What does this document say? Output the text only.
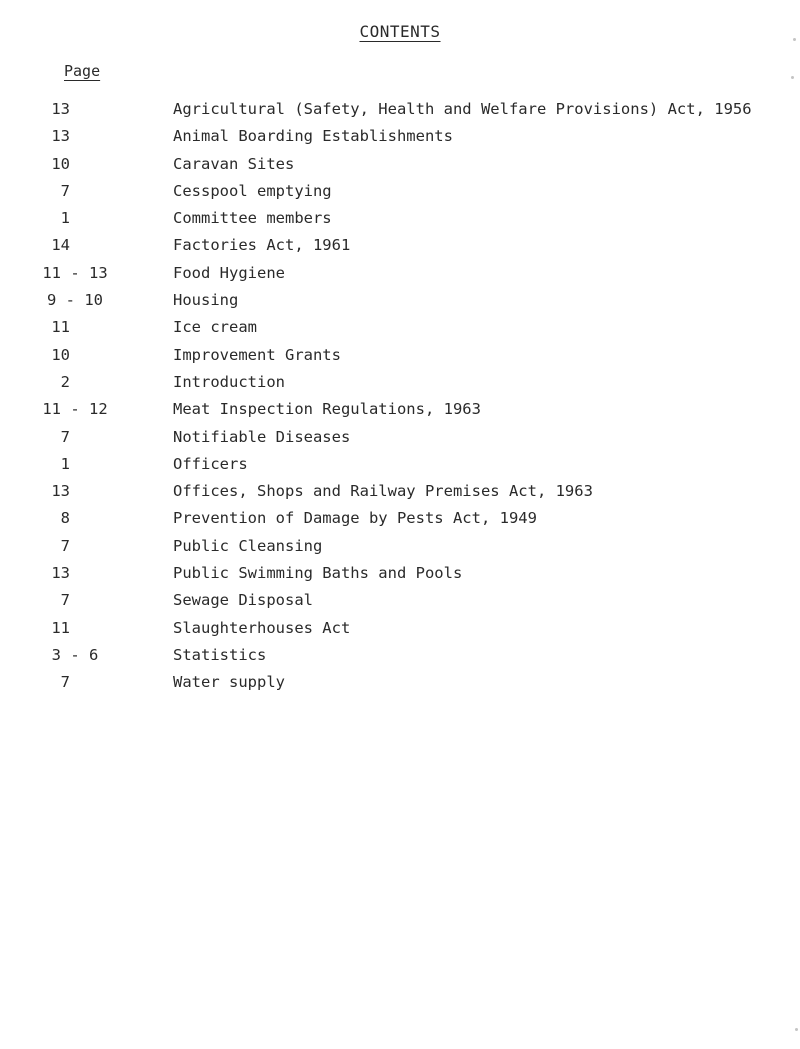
CONTENTS
Page
13	Agricultural (Safety, Health and Welfare Provisions) Act, 1956
13	Animal Boarding Establishments
10	Caravan Sites
7	Cesspool emptying
1	Committee members
14	Factories Act, 1961
11 - 13	Food Hygiene
9 - 10	Housing
11	Ice cream
10	Improvement Grants
2	Introduction
11 - 12	Meat Inspection Regulations, 1963
7	Notifiable Diseases
1	Officers
13	Offices, Shops and Railway Premises Act, 1963
8	Prevention of Damage by Pests Act, 1949
7	Public Cleansing
13	Public Swimming Baths and Pools
7	Sewage Disposal
11	Slaughterhouses Act
3 - 6	Statistics
7	Water supply
